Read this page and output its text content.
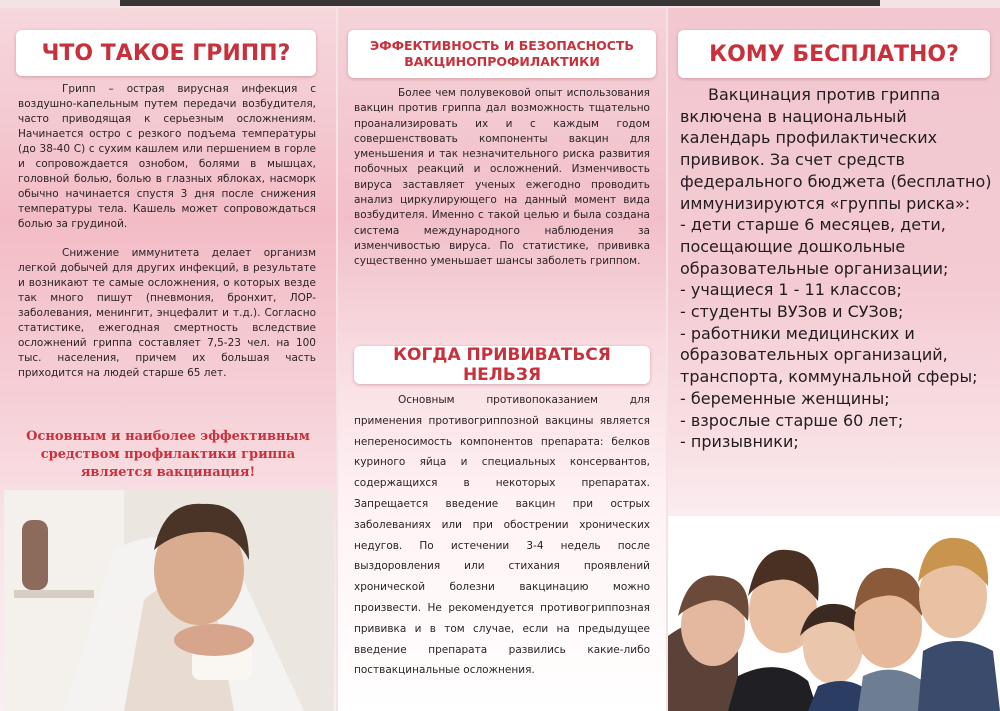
ЧТО ТАКОЕ ГРИПП?
Грипп – острая вирусная инфекция с воздушно-капельным путем передачи возбудителя, часто приводящая к серьезным осложнениям. Начинается остро с резкого подъема температуры (до 38-40 С) с сухим кашлем или першением в горле и сопровождается ознобом, болями в мышцах, головной болью, болью в глазных яблоках, насморк обычно начинается спустя 3 дня после снижения температуры тела. Кашель может сопровождаться болью за грудиной.
Снижение иммунитета делает организм легкой добычей для других инфекций, в результате и возникают те самые осложнения, о которых везде так много пишут (пневмония, бронхит, ЛОР-заболевания, менингит, энцефалит и т.д.). Согласно статистике, ежегодная смертность вследствие осложнений гриппа составляет 7,5-23 чел. на 100 тыс. населения, причем их большая часть приходится на людей старше 65 лет.
Основным и наиболее эффективным средством профилактики гриппа является вакцинация!
ЭФФЕКТИВНОСТЬ И БЕЗОПАСНОСТЬ ВАКЦИНОПРОФИЛАКТИКИ
Более чем полувековой опыт использования вакцин против гриппа дал возможность тщательно проанализировать их и с каждым годом совершенствовать компоненты вакцин для уменьшения и так незначительного риска развития побочных реакций и осложнений. Изменчивость вируса заставляет ученых ежегодно проводить анализ циркулирующего на данный момент вида возбудителя. Именно с такой целью и была создана система международного наблюдения за изменчивостью вируса. По статистике, прививка существенно уменьшает шансы заболеть гриппом.
КОГДА ПРИВИВАТЬСЯ НЕЛЬЗЯ
Основным противопоказанием для применения противогриппозной вакцины является непереносимость компонентов препарата: белков куриного яйца и специальных консервантов, содержащихся в некоторых препаратах. Запрещается введение вакцин при острых заболеваниях или при обострении хронических недугов. По истечении 3-4 недель после выздоровления или стихания проявлений хронической болезни вакцинацию можно произвести. Не рекомендуется противогриппозная прививка и в том случае, если на предыдущее введение препарата развились какие-либо поствакцинальные осложнения.
КОМУ БЕСПЛАТНО?
Вакцинация против гриппа включена в национальный календарь профилактических прививок. За счет средств федерального бюджета (бесплатно) иммунизируются «группы риска»:
- дети старше 6 месяцев, дети, посещающие дошкольные образовательные организации;
- учащиеся 1 - 11 классов;
- студенты ВУЗов и СУЗов;
- работники медицинских и образовательных организаций, транспорта, коммунальной сферы;
- беременные женщины;
- взрослые старше 60 лет;
- призывники;
